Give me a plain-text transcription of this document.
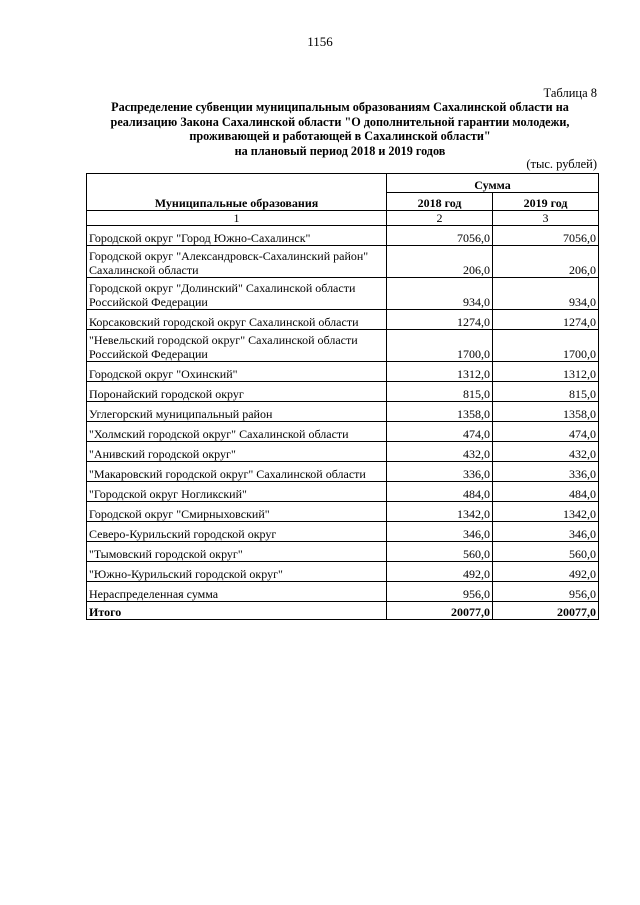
1156
Таблица 8
Распределение субвенции муниципальным образованиям Сахалинской области на
реализацию Закона Сахалинской области "О дополнительной гарантии молодежи,
проживающей и работающей в Сахалинской области"
на плановый период 2018 и 2019 годов
(тыс. рублей)
Муниципальные образования	Сумма	
	2018 год	2019 год
1	2	3
Городской округ "Город Южно-Сахалинск"	7056,0	7056,0
Городской округ "Александровск-Сахалинский район" Сахалинской области	206,0	206,0
Городской округ "Долинский" Сахалинской области Российской Федерации	934,0	934,0
Корсаковский городской округ Сахалинской области	1274,0	1274,0
"Невельский городской округ" Сахалинской области Российской Федерации	1700,0	1700,0
Городской округ "Охинский"	1312,0	1312,0
Поронайский городской округ	815,0	815,0
Углегорский муниципальный район	1358,0	1358,0
"Холмский городской округ" Сахалинской области	474,0	474,0
"Анивский городской округ"	432,0	432,0
"Макаровский городской округ" Сахалинской области	336,0	336,0
"Городской округ Ногликский"	484,0	484,0
Городской округ "Смирныховский"	1342,0	1342,0
Северо-Курильский городской округ	346,0	346,0
"Тымовский городской округ"	560,0	560,0
"Южно-Курильский городской округ"	492,0	492,0
Нераспределенная сумма	956,0	956,0
Итого	20077,0	20077,0
